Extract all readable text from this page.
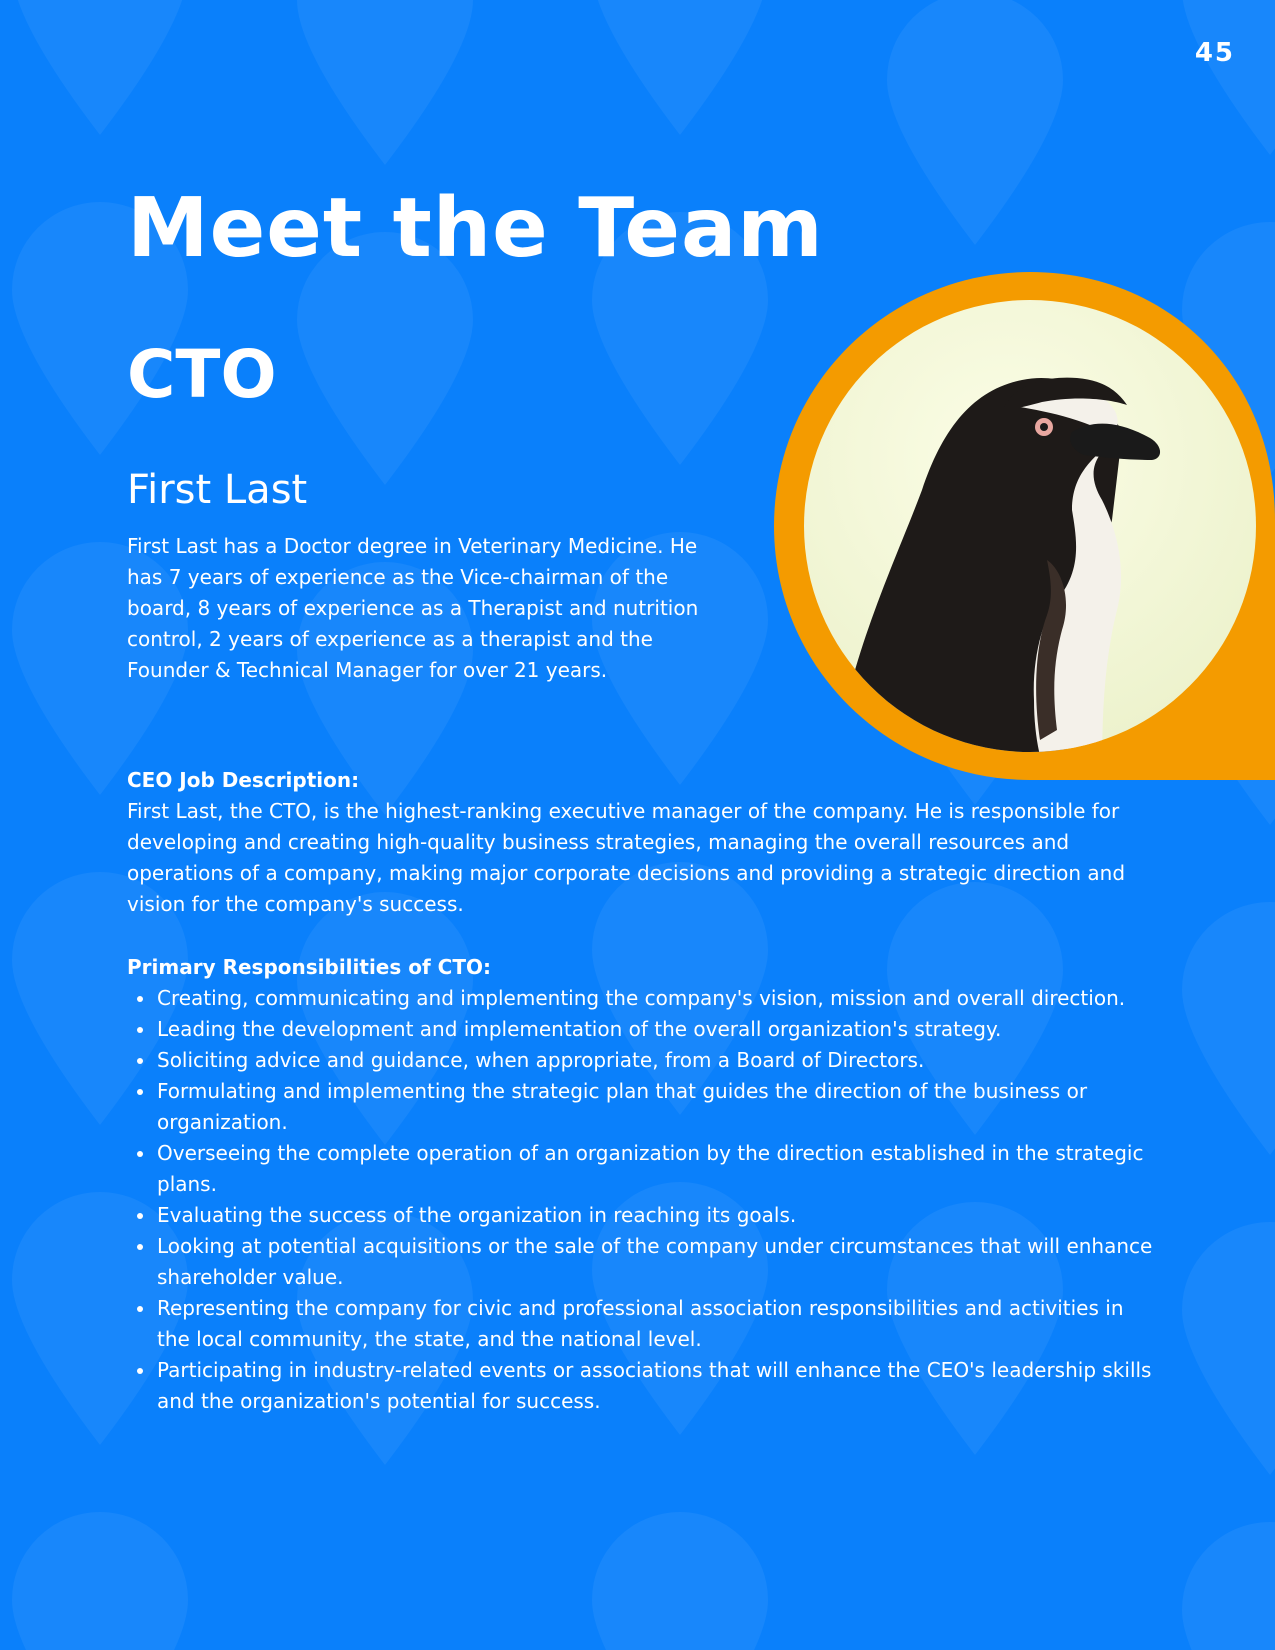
45
Meet the Team
CTO
First Last

First Last has a Doctor degree in Veterinary Medicine. He has 7 years of experience as the Vice-chairman of the board, 8 years of experience as a Therapist and nutrition control, 2 years of experience as a therapist and the Founder & Technical Manager for over 21 years.

CEO Job Description:

First Last, the CTO, is the highest-ranking executive manager of the company. He is responsible for developing and creating high-quality business strategies, managing the overall resources and operations of a company, making major corporate decisions and providing a strategic direction and vision for the company's success.

Primary Responsibilities of CTO:

Creating, communicating and implementing the company's vision, mission and overall direction.
Leading the development and implementation of the overall organization's strategy.
Soliciting advice and guidance, when appropriate, from a Board of Directors.
Formulating and implementing the strategic plan that guides the direction of the business or organization.
Overseeing the complete operation of an organization by the direction established in the strategic plans.
Evaluating the success of the organization in reaching its goals.
Looking at potential acquisitions or the sale of the company under circumstances that will enhance shareholder value.
Representing the company for civic and professional association responsibilities and activities in the local community, the state, and the national level.
Participating in industry-related events or associations that will enhance the CEO's leadership skills and the organization's potential for success.
